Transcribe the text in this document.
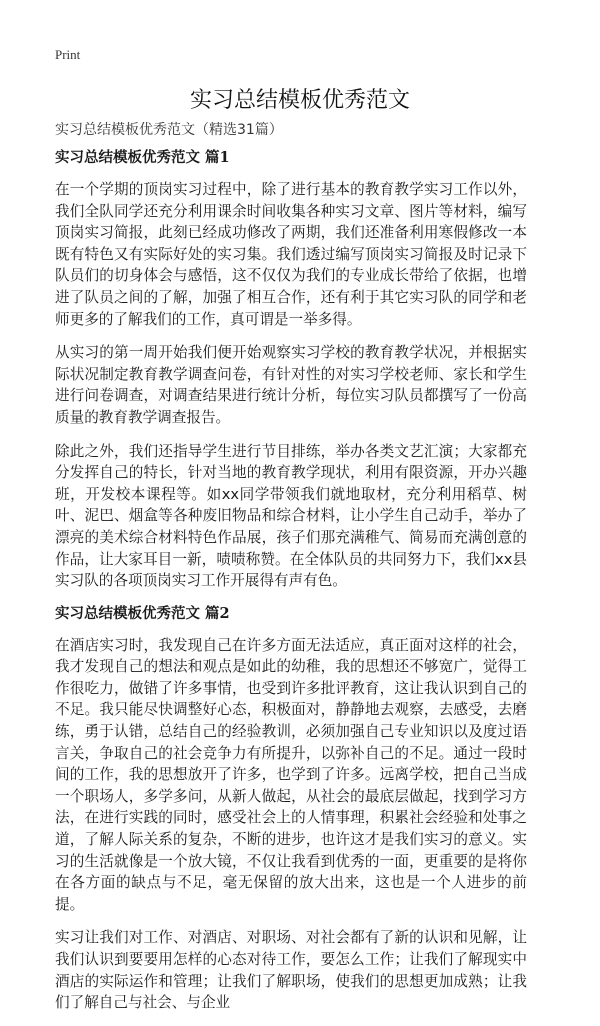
Print
实习总结模板优秀范文
实习总结模板优秀范文（精选31篇）
实习总结模板优秀范文 篇1

在一个学期的顶岗实习过程中，除了进行基本的教育教学实习工作以外，我们全队同学还充分利用课余时间收集各种实习文章、图片等材料，编写顶岗实习简报，此刻已经成功修改了两期，我们还准备利用寒假修改一本既有特色又有实际好处的实习集。我们透过编写顶岗实习简报及时记录下队员们的切身体会与感悟，这不仅仅为我们的专业成长带给了依据，也增进了队员之间的了解，加强了相互合作，还有利于其它实习队的同学和老师更多的了解我们的工作，真可谓是一举多得。

从实习的第一周开始我们便开始观察实习学校的教育教学状况，并根据实际状况制定教育教学调查问卷，有针对性的对实习学校老师、家长和学生进行问卷调查，对调查结果进行统计分析，每位实习队员都撰写了一份高质量的教育教学调查报告。

除此之外，我们还指导学生进行节目排练，举办各类文艺汇演；大家都充分发挥自己的特长，针对当地的教育教学现状，利用有限资源，开办兴趣班，开发校本课程等。如xx同学带领我们就地取材，充分利用稻草、树叶、泥巴、烟盒等各种废旧物品和综合材料，让小学生自己动手，举办了漂亮的美术综合材料特色作品展，孩子们那充满稚气、简易而充满创意的作品，让大家耳目一新，啧啧称赞。在全体队员的共同努力下，我们xx县实习队的各项顶岗实习工作开展得有声有色。

实习总结模板优秀范文 篇2

在酒店实习时，我发现自己在许多方面无法适应，真正面对这样的社会，我才发现自己的想法和观点是如此的幼稚，我的思想还不够宽广，觉得工作很吃力，做错了许多事情，也受到许多批评教育，这让我认识到自己的不足。我只能尽快调整好心态，积极面对，静静地去观察，去感受，去磨练，勇于认错，总结自己的经验教训，必须加强自己专业知识以及度过语言关，争取自己的社会竞争力有所提升，以弥补自己的不足。通过一段时间的工作，我的思想放开了许多，也学到了许多。远离学校，把自己当成一个职场人，多学多问，从新人做起，从社会的最底层做起，找到学习方法，在进行实践的同时，感受社会上的人情事理，积累社会经验和处事之道，了解人际关系的复杂，不断的进步，也许这才是我们实习的意义。实习的生活就像是一个放大镜，不仅让我看到优秀的一面，更重要的是将你在各方面的缺点与不足，毫无保留的放大出来，这也是一个人进步的前提。

实习让我们对工作、对酒店、对职场、对社会都有了新的认识和见解，让我们认识到要要用怎样的心态对待工作，要怎么工作；让我们了解现实中酒店的实际运作和管理；让我们了解职场，使我们的思想更加成熟；让我们了解自己与社会、与企业
